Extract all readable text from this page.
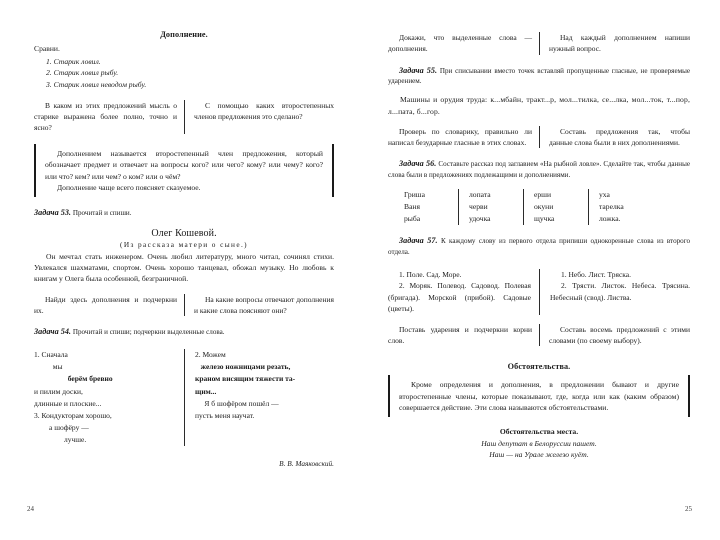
Дополнение.

Сравни.

1. Старик ловил.
2. Старик ловил рыбу.
3. Старик ловил неводом рыбу.
В каком из этих предложений мысль о старике выражена более полно, точно и ясно?
С помощью каких второстепенных членов предложения это сделано?

Дополнением называется второстепенный член предложения, который обозначает предмет и отвечает на вопросы кого? или чего? кому? или чему? кого? или что? кем? или чем? о ком? или о чём?

Дополнение чаще всего поясняет сказуемое.

Задача 53. Прочитай и спиши.
Олег Кошевой.
(Из рассказа матери о сыне.)

Он мечтал стать инженером. Очень любил литературу, много читал, сочинял стихи. Увлекался шахматами, спортом. Очень хорошо танцевал, обожал музыку. Но любовь к книгам у Олега была особенной, безграничной.

Найди здесь дополнения и подчеркни их.
На какие вопросы отвечают дополнения и какие слова поясняют они?
Задача 54. Прочитай и спиши; подчеркни выделенные слова.
1. Сначала
мы
берём бревно
и пилим доски,
длинные и плоские...
3. Кондукторам хорошо,
а шофёру —
лучше.
2. Можем
железо ножницами резать,
краном висящим тяжести та-
щим...
Я б шофёром пошёл —
пусть меня научат.
В. В. Маяковский.
24
Докажи, что выделенные слова — дополнения.
Над каждый дополнением напиши нужный вопрос.
Задача 55. При списывании вместо точек вставляй пропущенные гласные, не проверяемые ударением.

Машины и орудия труда: к...мбайн, тракт...р, мол...тилка, се...лка, мол...ток, т...пор, л...пата, б...гор.

Проверь по словарику, правильно ли написал безударные гласные в этих словах.
Составь предложения так, чтобы данные слова были в них дополнениями.
Задача 56. Составьте рассказ под заглавием «На рыбной ловле». Сделайте так, чтобы данные слова были в предложениях подлежащими и дополнениями.
Гриша
Ваня
рыба
лопата
черви
удочка
ерши
окуни
щучка
уха
тарелка
ложка.
Задача 57. К каждому слову из первого отдела припиши однокоренные слова из второго отдела.

1. Поле. Сад. Море.

2. Моряк. Полевод. Садовод. Полевая (бригада). Морской (прибой). Садовые (цветы).

1. Небо. Лист. Тряска.

2. Трясти. Листок. Небеса. Трясина. Небесный (свод). Листва.

Поставь ударения и подчеркни корни слов.
Составь восемь предложений с этими словами (по своему выбору).
Обстоятельства.

Кроме определения и дополнения, в предложении бывают и другие второстепенные члены, которые показывают, где, когда или как (каким образом) совершается действие. Эти слова называются обстоятельствами.

Обстоятельства места.
Наш депутат в Белоруссии пашет.
Наш — на Урале железо куёт.
25
